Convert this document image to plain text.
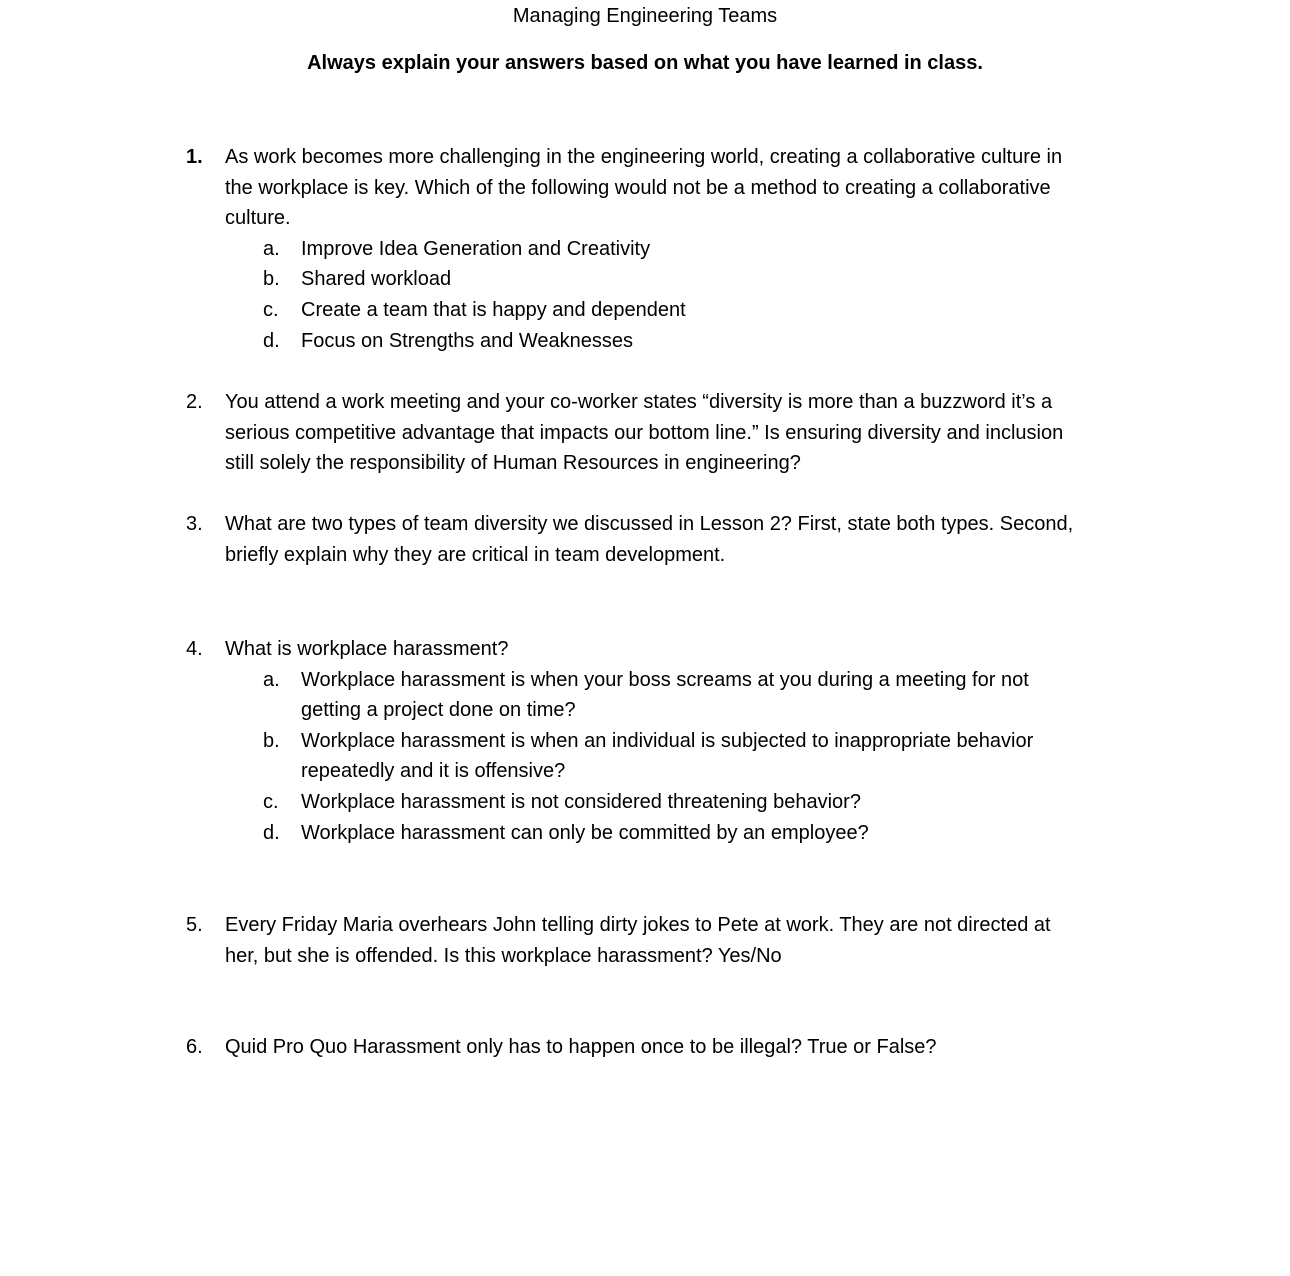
Managing Engineering Teams
Always explain your answers based on what you have learned in class.
1. As work becomes more challenging in the engineering world, creating a collaborative culture in
the workplace is key. Which of the following would not be a method to creating a collaborative
culture.
a. Improve Idea Generation and Creativity
b. Shared workload
c. Create a team that is happy and dependent
d. Focus on Strengths and Weaknesses
2. You attend a work meeting and your co-worker states “diversity is more than a buzzword it’s a
serious competitive advantage that impacts our bottom line.” Is ensuring diversity and inclusion
still solely the responsibility of Human Resources in engineering?
3. What are two types of team diversity we discussed in Lesson 2? First, state both types. Second,
briefly explain why they are critical in team development.
4. What is workplace harassment?
a. Workplace harassment is when your boss screams at you during a meeting for not
getting a project done on time?
b. Workplace harassment is when an individual is subjected to inappropriate behavior
repeatedly and it is offensive?
c. Workplace harassment is not considered threatening behavior?
d. Workplace harassment can only be committed by an employee?
5. Every Friday Maria overhears John telling dirty jokes to Pete at work. They are not directed at
her, but she is offended. Is this workplace harassment? Yes/No
6. Quid Pro Quo Harassment only has to happen once to be illegal? True or False?
